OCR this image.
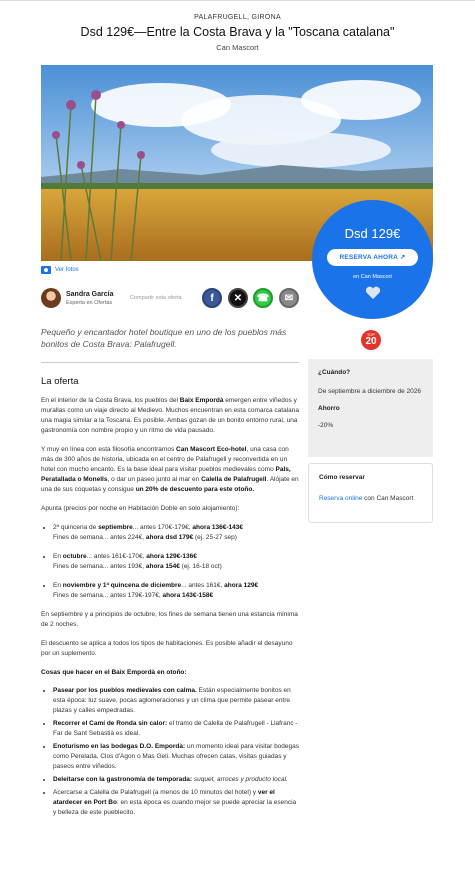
PALAFRUGELL, GIRONA
Dsd 129€—Entre la Costa Brava y la "Toscana catalana"
Can Mascort
Dsd 129€
RESERVA AHORA ↗
en Can Mascort
Ver fotos
Sandra García
Experta en Ofertas
Compartir esta oferta	f ✕ ☎ ✉

Pequeño y encantador hotel boutique en uno de los pueblos más bonitos de Costa Brava: Palafrugell.

TOP
20
¿Cuándo?
De septiembre a diciembre de 2026
Ahorro
-20%
Cómo reservar
Reserva online con Can Mascort
La oferta

En el interior de la Costa Brava, los pueblos del Baix Empordà emergen entre viñedos y murallas como un viaje directo al Medievo. Muchos encuentran en esta comarca catalana una magia similar a la Toscana. Es posible. Ambas gozan de un bonito entorno rural, una gastronomía con nombre propio y un ritmo de vida pausado.

Y muy en línea con esta filosofía encontramos Can Mascort Eco-hotel, una casa con más de 300 años de historia, ubicada en el centro de Palafrugell y reconvertida en un hotel con mucho encanto. Es la base ideal para visitar pueblos medievales como Pals, Peratallada o Monells, o dar un paseo junto al mar en Calella de Palafrugell. Alójate en una de sus coquetas y consigue un 20% de descuento para este otoño.

Apunta (precios por noche en Habitación Doble en solo alojamiento):

• 2ª quincena de septiembre... antes 170€-179€, ahora 136€-143€
Fines de semana... antes 224€, ahora dsd 179€ (ej. 25-27 sep)
• En octubre... antes 161€-170€, ahora 129€-136€
Fines de semana... antes 193€, ahora 154€ (ej. 16-18 oct)
• En noviembre y 1ª quincena de diciembre... antes 161€, ahora 129€
Fines de semana... antes 179€-197€, ahora 143€-158€

En septiembre y a principios de octubre, los fines de semana tienen una estancia mínima de 2 noches.

El descuento se aplica a todos los tipos de habitaciones. Es posible añadir el desayuno por un suplemento.

Cosas que hacer en el Baix Empordà en otoño:
• Pasear por los pueblos medievales con calma. Están especialmente bonitos en esta época: luz suave, pocas aglomeraciones y un clima que permite pasear entre plazas y calles empedradas.
• Recorrer el Camí de Ronda sin calor: el tramo de Calella de Palafrugell - Llafranc - Far de Sant Sebastià es ideal.
• Enoturismo en las bodegas D.O. Empordà: un momento ideal para visitar bodegas como Perelada, Clos d'Agon o Mas Geli. Muchas ofrecen catas, visitas guiadas y paseos entre viñedos.
• Deleitarse con la gastronomía de temporada: suquet, arroces y producto local.
• Acercarse a Calella de Palafrugell (a menos de 10 minutos del hotel) y ver el atardecer en Port Bo: en esta época es cuando mejor se puede apreciar la esencia y belleza de este pueblecito.
